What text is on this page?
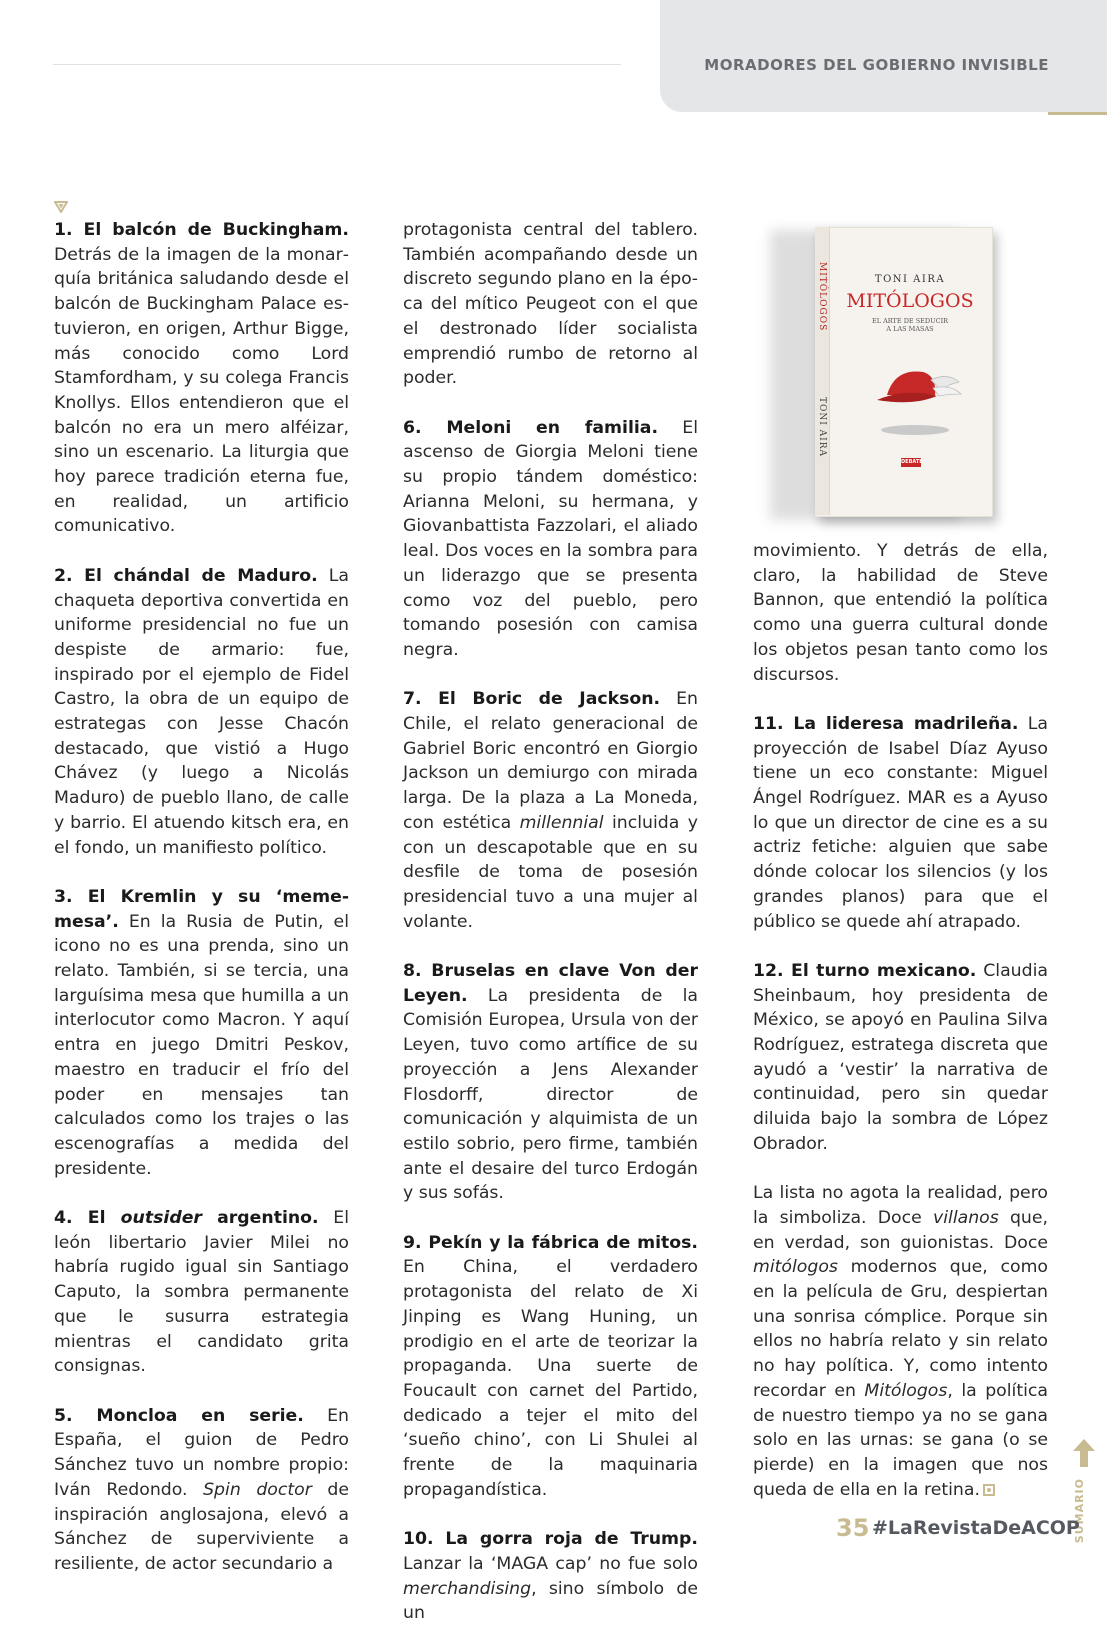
MORADORES DEL GOBIERNO INVISIBLE

1. El balcón de Buckingham. Detrás de la imagen de la monarquía británica saludando desde el balcón de Buckingham Palace estuvieron, en origen, Arthur Bigge, más conocido como Lord Stamfordham, y su colega Francis Knollys. Ellos entendieron que el balcón no era un mero alféizar, sino un escenario. La liturgia que hoy parece tradición eterna fue, en realidad, un artificio comunicativo.

2. El chándal de Maduro. La chaqueta deportiva convertida en uniforme presidencial no fue un despiste de armario: fue, inspirado por el ejemplo de Fidel Castro, la obra de un equipo de estrategas con Jesse Chacón destacado, que vistió a Hugo Chávez (y luego a Nicolás Maduro) de pueblo llano, de calle y barrio. El atuendo kitsch era, en el fondo, un manifiesto político.

3. El Kremlin y su ‘meme-mesa’. En la Rusia de Putin, el icono no es una prenda, sino un relato. También, si se tercia, una larguísima mesa que humilla a un interlocutor como Macron. Y aquí entra en juego Dmitri Peskov, maestro en traducir el frío del poder en mensajes tan calculados como los trajes o las escenografías a medida del presidente.

4. El outsider argentino. El león libertario Javier Milei no habría rugido igual sin Santiago Caputo, la sombra permanente que le susurra estrategia mientras el candidato grita consignas.

5. Moncloa en serie. En España, el guion de Pedro Sánchez tuvo un nombre propio: Iván Redondo. Spin doctor de inspiración anglosajona, elevó a Sánchez de superviviente a resiliente, de actor secundario a

protagonista central del tablero. También acompañando desde un discreto segundo plano en la época del mítico Peugeot con el que el destronado líder socialista emprendió rumbo de retorno al poder.

6. Meloni en familia. El ascenso de Giorgia Meloni tiene su propio tándem doméstico: Arianna Meloni, su hermana, y Giovanbattista Fazzolari, el aliado leal. Dos voces en la sombra para un liderazgo que se presenta como voz del pueblo, pero tomando posesión con camisa negra.

7. El Boric de Jackson. En Chile, el relato generacional de Gabriel Boric encontró en Giorgio Jackson un demiurgo con mirada larga. De la plaza a La Moneda, con estética millennial incluida y con un descapotable que en su desfile de toma de posesión presidencial tuvo a una mujer al volante.

8. Bruselas en clave Von der Leyen. La presidenta de la Comisión Europea, Ursula von der Leyen, tuvo como artífice de su proyección a Jens Alexander Flosdorff, director de comunicación y alquimista de un estilo sobrio, pero firme, también ante el desaire del turco Erdogán y sus sofás.

9. Pekín y la fábrica de mitos. En China, el verdadero protagonista del relato de Xi Jinping es Wang Huning, un prodigio en el arte de teorizar la propaganda. Una suerte de Foucault con carnet del Partido, dedicado a tejer el mito del ‘sueño chino’, con Li Shulei al frente de la maquinaria propagandística.

10. La gorra roja de Trump. Lanzar la ‘MAGA cap’ no fue solo merchandising, sino símbolo de un

MITÓLOGOS
TONI AIRA
TONI AIRA
MITÓLOGOS
EL ARTE DE SEDUCIR
A LAS MASAS
DEBATE

movimiento. Y detrás de ella, claro, la habilidad de Steve Bannon, que entendió la política como una guerra cultural donde los objetos pesan tanto como los discursos.

11. La lideresa madrileña. La proyección de Isabel Díaz Ayuso tiene un eco constante: Miguel Ángel Rodríguez. MAR es a Ayuso lo que un director de cine es a su actriz fetiche: alguien que sabe dónde colocar los silencios (y los grandes planos) para que el público se quede ahí atrapado.

12. El turno mexicano. Claudia Sheinbaum, hoy presidenta de México, se apoyó en Paulina Silva Rodríguez, estratega discreta que ayudó a ‘vestir’ la narrativa de continuidad, pero sin quedar diluida bajo la sombra de López Obrador.

La lista no agota la realidad, pero la simboliza. Doce villanos que, en verdad, son guionistas. Doce mitólogos modernos que, como en la película de Gru, despiertan una sonrisa cómplice. Porque sin ellos no habría relato y sin relato no hay política. Y, como intento recordar en Mitólogos, la política de nuestro tiempo ya no se gana solo en las urnas: se gana (o se pierde) en la imagen que nos queda de ella en la retina.	SUMARIO
35 #LaRevistaDeACOP
